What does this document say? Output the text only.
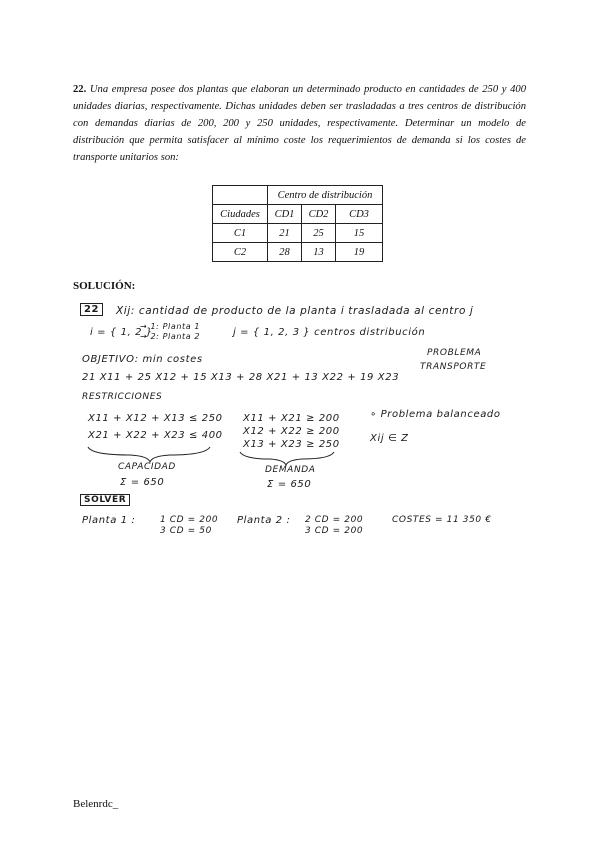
22. Una empresa posee dos plantas que elaboran un determinado producto en cantidades de 250 y 400 unidades diarias, respectivamente. Dichas unidades deben ser trasladadas a tres centros de distribución con demandas diarias de 200, 200 y 250 unidades, respectivamente. Determinar un modelo de distribución que permita satisfacer al mínimo coste los requerimientos de demanda si los costes de transporte unitarios son:
	Centro de distribución		
Ciudades	CD1	CD2	CD3
C1	21	25	15
C2	28	13	19
SOLUCIÓN:
22	Xij: cantidad de producto de la planta i trasladada al centro j
i = { 1, 2 }
→ 1: Planta 1
→ 2: Planta 2	j = { 1, 2, 3 } centros distribución
PROBLEMA
TRANSPORTE
OBJETIVO: min costes
21 X11 + 25 X12 + 15 X13 + 28 X21 + 13 X22 + 19 X23
RESTRICCIONES
X11 + X12 + X13 ≤ 250
X21 + X22 + X23 ≤ 400
X11 + X21 ≥ 200
X12 + X22 ≥ 200
X13 + X23 ≥ 250
∘ Problema balanceado
Xij ∈ Z
CAPACIDAD
Σ = 650
DEMANDA
Σ = 650
SOLVER
Planta 1 :	1 CD = 200
3 CD = 50
Planta 2 : 2 CD = 200
3 CD = 200
COSTES = 11 350 €
Belenrdc_
